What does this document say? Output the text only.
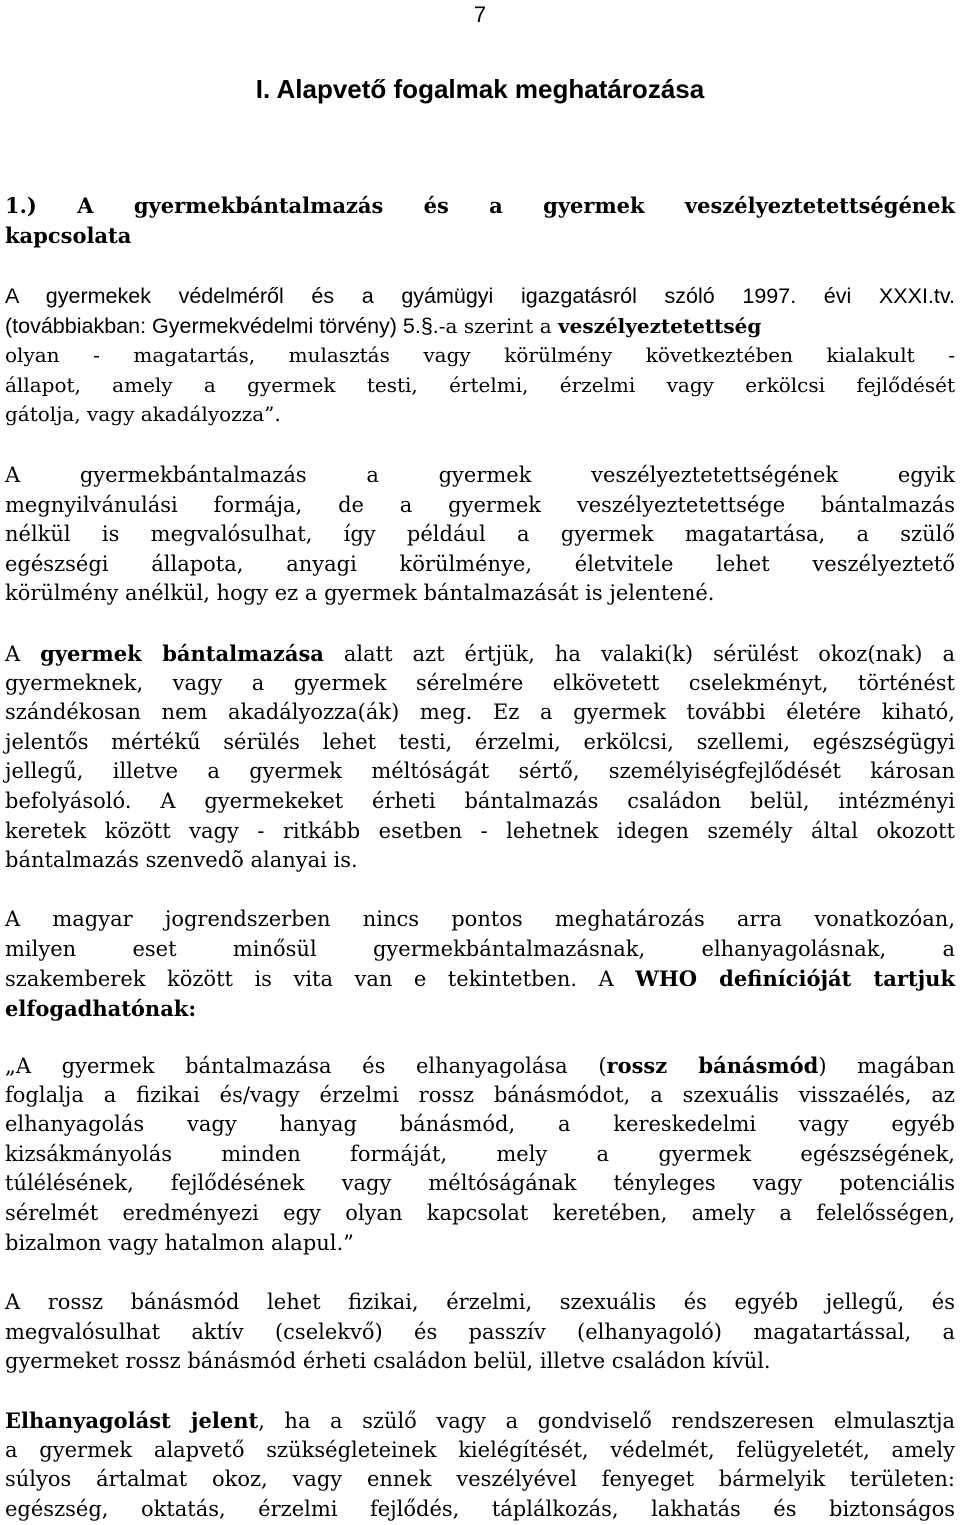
7
I. Alapvető fogalmak meghatározása
1.) A gyermekbántalmazás és a gyermek veszélyeztetettségének
kapcsolata
A gyermekek védelméről és a gyámügyi igazgatásról szóló 1997. évi XXXI.tv.
(továbbiakban: Gyermekvédelmi törvény) 5.§.-a szerint a veszélyeztetettség
olyan - magatartás, mulasztás vagy körülmény következtében kialakult -
állapot, amely a gyermek testi, értelmi, érzelmi vagy erkölcsi fejlődését
gátolja, vagy akadályozza”.
A gyermekbántalmazás a gyermek veszélyeztetettségének egyik
megnyilvánulási formája, de a gyermek veszélyeztetettsége bántalmazás
nélkül is megvalósulhat, így például a gyermek magatartása, a szülő
egészségi állapota, anyagi körülménye, életvitele lehet veszélyeztető
körülmény anélkül, hogy ez a gyermek bántalmazását is jelentené.
A gyermek bántalmazása alatt azt értjük, ha valaki(k) sérülést okoz(nak) a
gyermeknek, vagy a gyermek sérelmére elkövetett cselekményt, történést
szándékosan nem akadályozza(ák) meg. Ez a gyermek további életére kiható,
jelentős mértékű sérülés lehet testi, érzelmi, erkölcsi, szellemi, egészségügyi
jellegű, illetve a gyermek méltóságát sértő, személyiségfejlődését károsan
befolyásoló. A gyermekeket érheti bántalmazás családon belül, intézményi
keretek között vagy - ritkább esetben - lehetnek idegen személy által okozott
bántalmazás szenvedõ alanyai is.
A magyar jogrendszerben nincs pontos meghatározás arra vonatkozóan,
milyen eset minősül gyermekbántalmazásnak, elhanyagolásnak, a
szakemberek között is vita van e tekintetben. A WHO definícióját tartjuk
elfogadhatónak:
„A gyermek bántalmazása és elhanyagolása (rossz bánásmód) magában
foglalja a fizikai és/vagy érzelmi rossz bánásmódot, a szexuális visszaélés, az
elhanyagolás vagy hanyag bánásmód, a kereskedelmi vagy egyéb
kizsákmányolás minden formáját, mely a gyermek egészségének,
túlélésének, fejlődésének vagy méltóságának tényleges vagy potenciális
sérelmét eredményezi egy olyan kapcsolat keretében, amely a felelősségen,
bizalmon vagy hatalmon alapul.”
A rossz bánásmód lehet fizikai, érzelmi, szexuális és egyéb jellegű, és
megvalósulhat aktív (cselekvő) és passzív (elhanyagoló) magatartással, a
gyermeket rossz bánásmód érheti családon belül, illetve családon kívül.
Elhanyagolást jelent, ha a szülő vagy a gondviselő rendszeresen elmulasztja
a gyermek alapvető szükségleteinek kielégítését, védelmét, felügyeletét, amely
súlyos ártalmat okoz, vagy ennek veszélyével fenyeget bármelyik területen:
egészség, oktatás, érzelmi fejlődés, táplálkozás, lakhatás és biztonságos
